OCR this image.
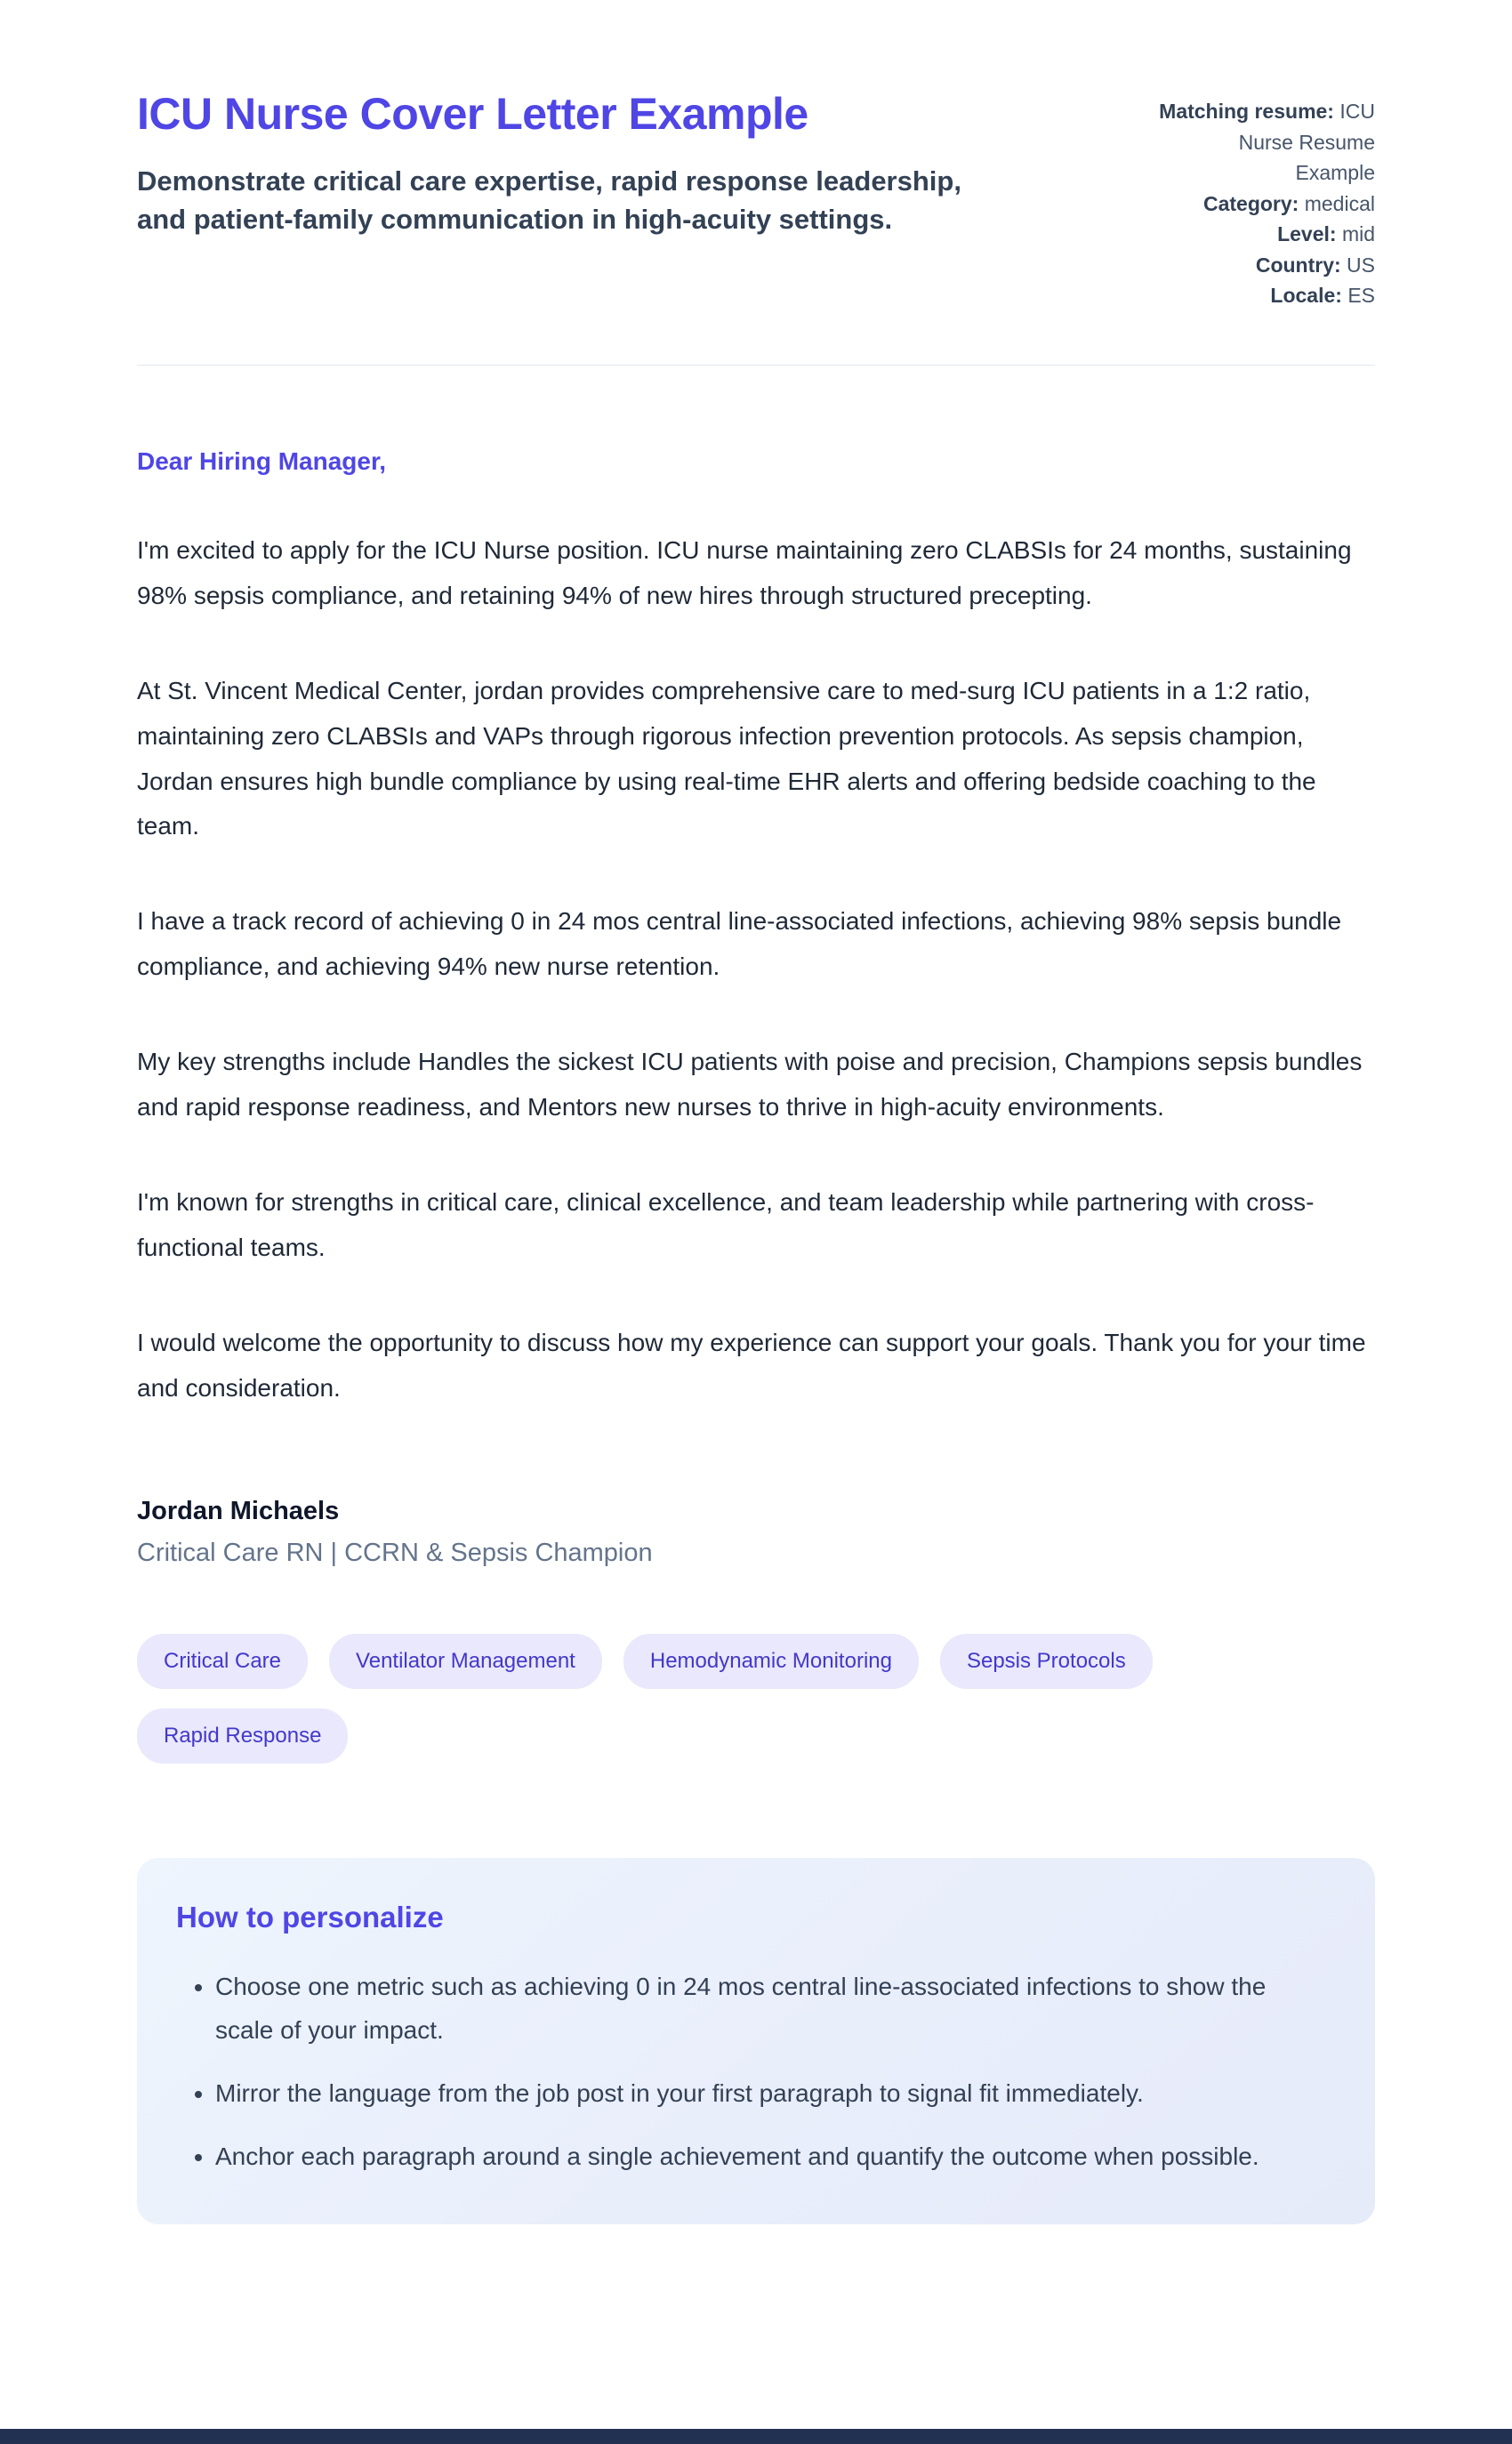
ICU Nurse Cover Letter Example

Demonstrate critical care expertise, rapid response leadership, and patient-family communication in high-acuity settings.

Matching resume: ICU Nurse Resume Example
Category: medical
Level: mid
Country: US
Locale: ES

Dear Hiring Manager,

I'm excited to apply for the ICU Nurse position. ICU nurse maintaining zero CLABSIs for 24 months, sustaining 98% sepsis compliance, and retaining 94% of new hires through structured precepting.

At St. Vincent Medical Center, jordan provides comprehensive care to med-surg ICU patients in a 1:2 ratio, maintaining zero CLABSIs and VAPs through rigorous infection prevention protocols. As sepsis champion, Jordan ensures high bundle compliance by using real-time EHR alerts and offering bedside coaching to the team.

I have a track record of achieving 0 in 24 mos central line-associated infections, achieving 98% sepsis bundle compliance, and achieving 94% new nurse retention.

My key strengths include Handles the sickest ICU patients with poise and precision, Champions sepsis bundles and rapid response readiness, and Mentors new nurses to thrive in high-acuity environments.

I'm known for strengths in critical care, clinical excellence, and team leadership while partnering with cross-functional teams.

I would welcome the opportunity to discuss how my experience can support your goals. Thank you for your time and consideration.

Jordan Michaels

Critical Care RN | CCRN & Sepsis Champion

Critical Care	Ventilator Management	Hemodynamic Monitoring	Sepsis Protocols
Rapid Response
How to personalize
• Choose one metric such as achieving 0 in 24 mos central line-associated infections to show the scale of your impact.
• Mirror the language from the job post in your first paragraph to signal fit immediately.
• Anchor each paragraph around a single achievement and quantify the outcome when possible.
